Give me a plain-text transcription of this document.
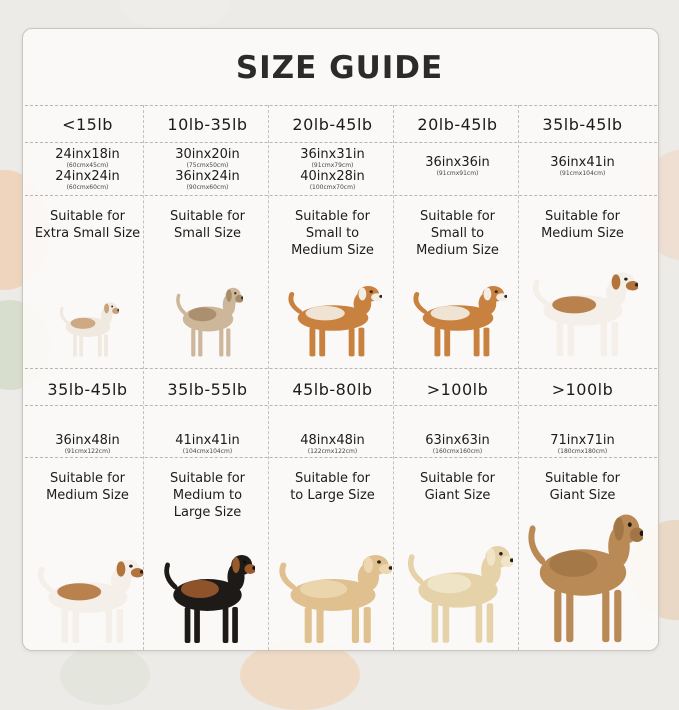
SIZE GUIDE
<15lb
24inx18in
(60cmx45cm)
24inx24in
(60cmx60cm)
Suitable for
Extra Small Size
10lb-35lb
30inx20in
(75cmx50cm)
36inx24in
(90cmx60cm)
Suitable for
Small Size
20lb-45lb
36inx31in
(91cmx79cm)
40inx28in
(100cmx70cm)
Suitable for
Small to
Medium Size
20lb-45lb
36inx36in
(91cmx91cm)
Suitable for
Small to
Medium Size
35lb-45lb
36inx41in
(91cmx104cm)
Suitable for
Medium Size
35lb-45lb
36inx48in
(91cmx122cm)
Suitable for
Medium Size
35lb-55lb
41inx41in
(104cmx104cm)
Suitable for
Medium to
Large Size
45lb-80lb
48inx48in
(122cmx122cm)
Suitable for
to Large Size
>100lb
63inx63in
(160cmx160cm)
Suitable for
Giant Size
>100lb
71inx71in
(180cmx180cm)
Suitable for
Giant Size
